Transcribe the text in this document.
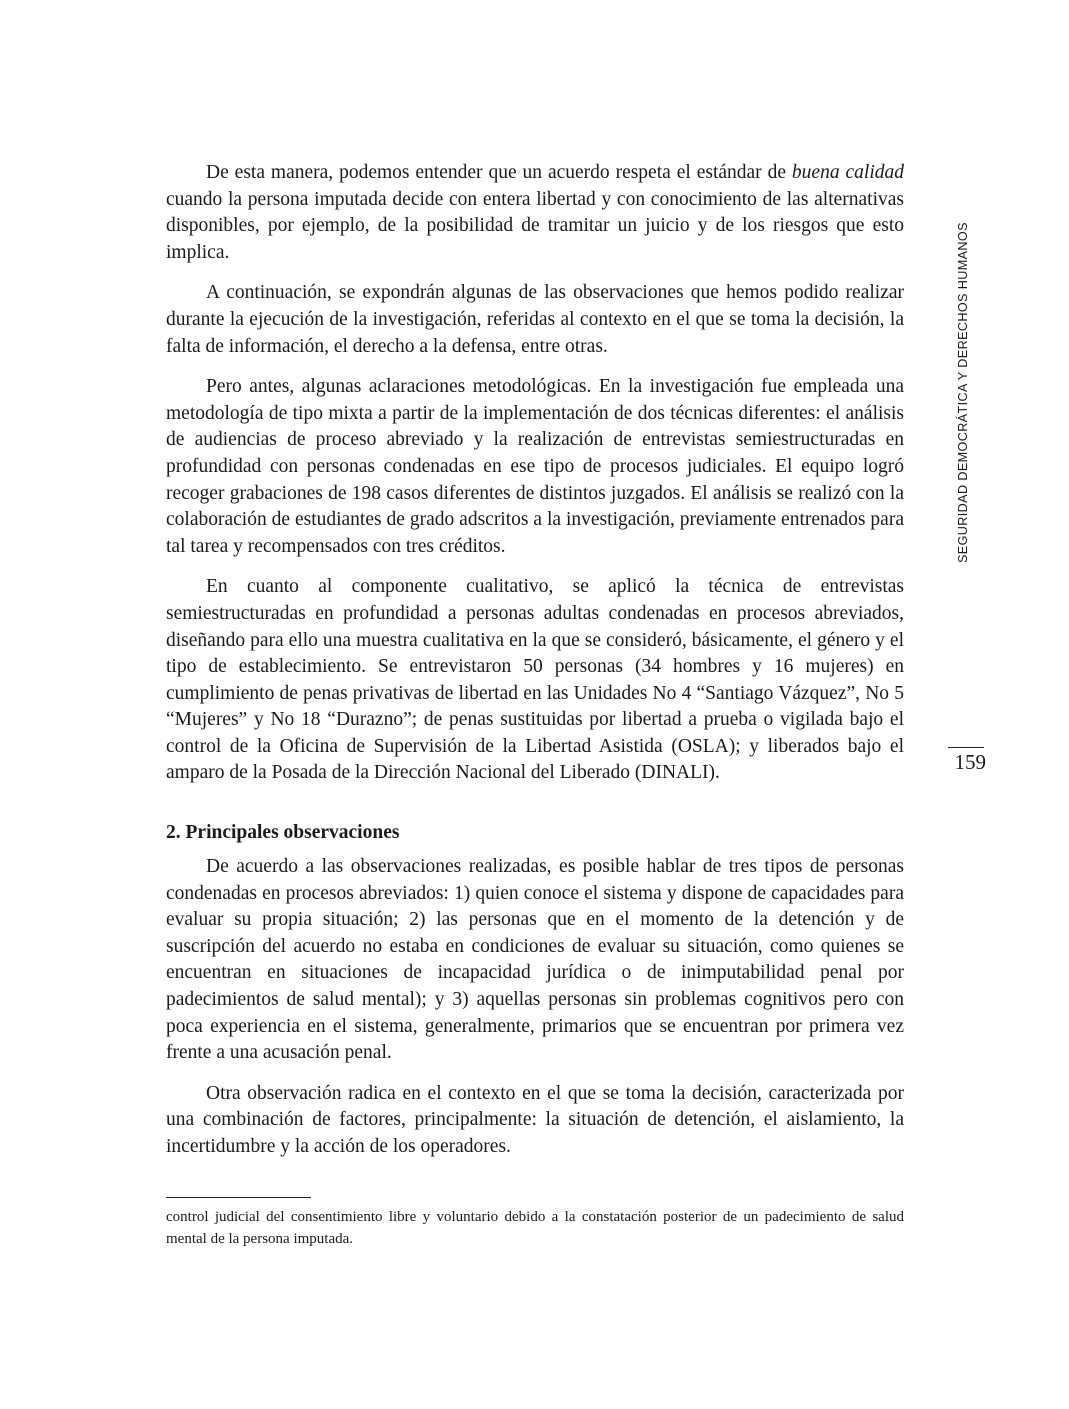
De esta manera, podemos entender que un acuerdo respeta el estándar de buena calidad cuando la persona imputada decide con entera libertad y con conocimiento de las alternativas disponibles, por ejemplo, de la posibilidad de tramitar un juicio y de los riesgos que esto implica.

A continuación, se expondrán algunas de las observaciones que hemos podido realizar durante la ejecución de la investigación, referidas al contexto en el que se toma la decisión, la falta de información, el derecho a la defensa, entre otras.

Pero antes, algunas aclaraciones metodológicas. En la investigación fue empleada una metodología de tipo mixta a partir de la implementación de dos técnicas diferentes: el análisis de audiencias de proceso abreviado y la realización de entrevistas semiestructuradas en profundidad con personas condenadas en ese tipo de procesos judiciales. El equipo logró recoger grabaciones de 198 casos diferentes de distintos juzgados. El análisis se realizó con la colaboración de estudiantes de grado adscritos a la investigación, previamente entrenados para tal tarea y recompensados con tres créditos.

En cuanto al componente cualitativo, se aplicó la técnica de entrevistas semiestructuradas en profundidad a personas adultas condenadas en procesos abreviados, diseñando para ello una muestra cualitativa en la que se consideró, básicamente, el género y el tipo de establecimiento. Se entrevistaron 50 personas (34 hombres y 16 mujeres) en cumplimiento de penas privativas de libertad en las Unidades No 4 “Santiago Vázquez”, No 5 “Mujeres” y No 18 “Durazno”; de penas sustituidas por libertad a prueba o vigilada bajo el control de la Oficina de Supervisión de la Libertad Asistida (OSLA); y liberados bajo el amparo de la Posada de la Dirección Nacional del Liberado (DINALI).

2. Principales observaciones

De acuerdo a las observaciones realizadas, es posible hablar de tres tipos de personas condenadas en procesos abreviados: 1) quien conoce el sistema y dispone de capacidades para evaluar su propia situación; 2) las personas que en el momento de la detención y de suscripción del acuerdo no estaba en condiciones de evaluar su situación, como quienes se encuentran en situaciones de incapacidad jurídica o de inimputabilidad penal por padecimientos de salud mental); y 3) aquellas personas sin problemas cognitivos pero con poca experiencia en el sistema, generalmente, primarios que se encuentran por primera vez frente a una acusación penal.

Otra observación radica en el contexto en el que se toma la decisión, caracterizada por una combinación de factores, principalmente: la situación de detención, el aislamiento, la incertidumbre y la acción de los operadores.

control judicial del consentimiento libre y voluntario debido a la constatación posterior de un padecimiento de salud mental de la persona imputada.

SEGURIDAD DEMOCRÁTICA Y DERECHOS HUMANOS
159
